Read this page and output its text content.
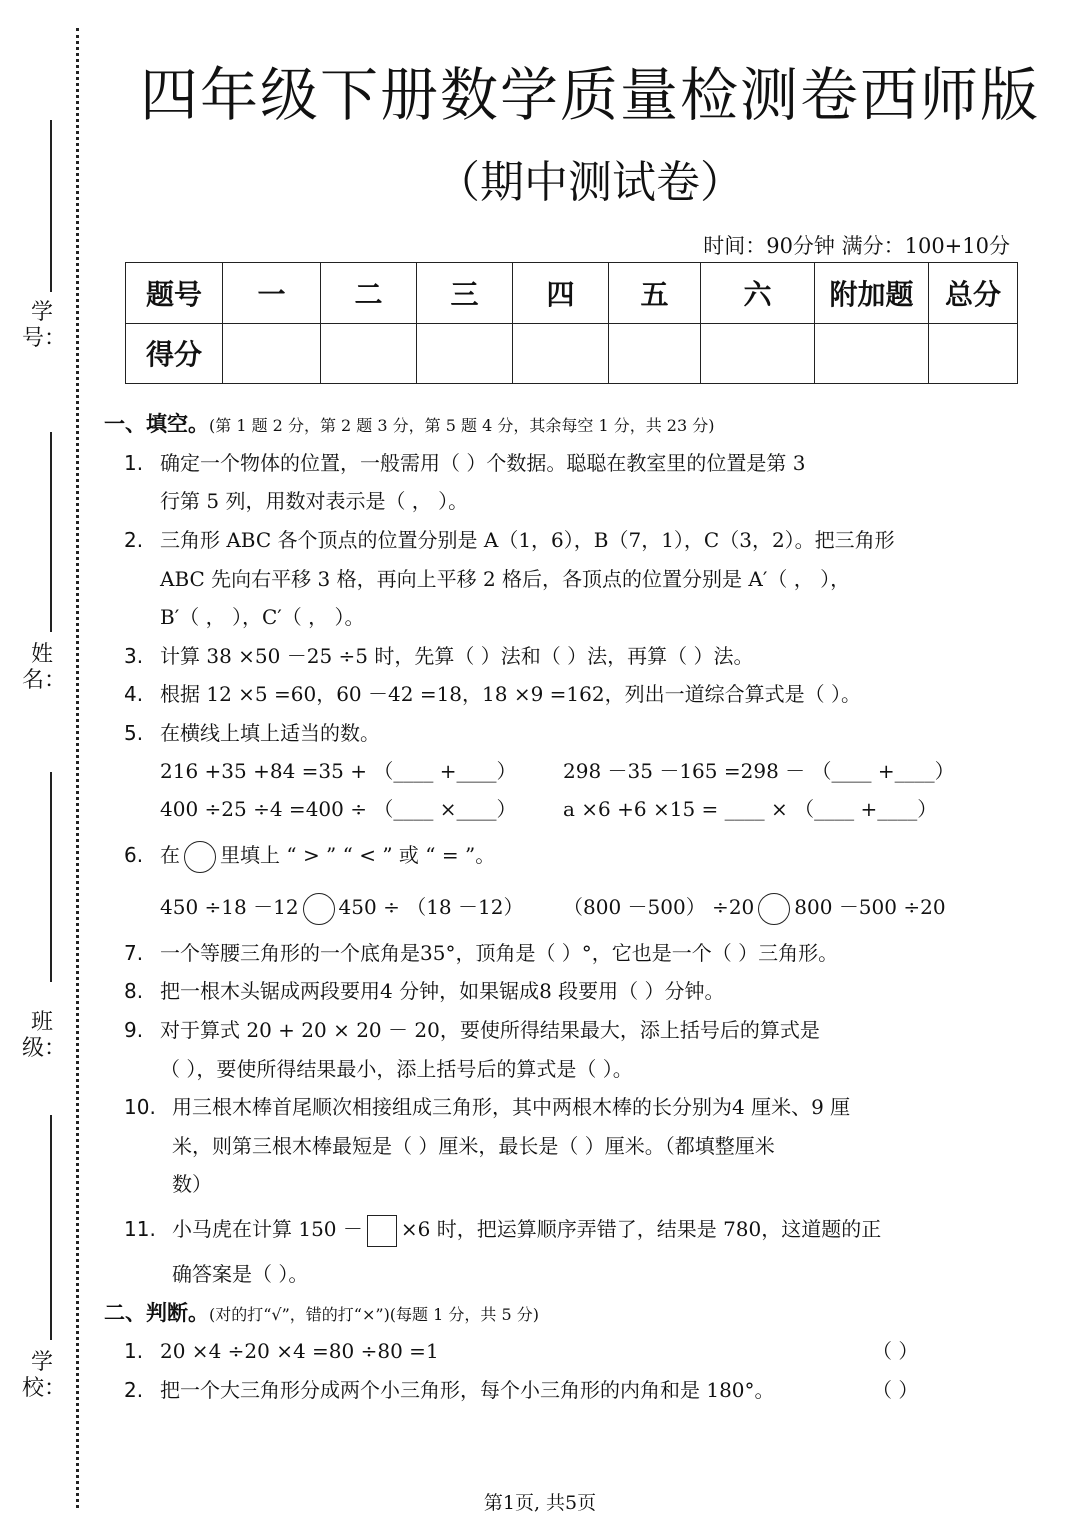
学号：
姓名：
班级：
学校：
四年级下册数学质量检测卷西师版
（期中测试卷）
时间：90分钟 满分：100+10分
题号	一	二	三	四	五	六	附加题	总分
得分								
一、填空。(第 1 题 2 分，第 2 题 3 分，第 5 题 4 分，其余每空 1 分，共 23 分)
1. 确定一个物体的位置，一般需用（ ）个数据。聪聪在教室里的位置是第 3
行第 5 列，用数对表示是（ ， ）。
2. 三角形 ABC 各个顶点的位置分别是 A（1，6），B（7，1），C（3，2）。把三角形
ABC 先向右平移 3 格，再向上平移 2 格后，各顶点的位置分别是 A′（ ， ），
B′（ ， ），C′（ ， ）。
3. 计算 38 ×50 －25 ÷5 时，先算（ ）法和（ ）法，再算（ ）法。
4. 根据 12 ×5 =60，60 －42 =18，18 ×9 =162，列出一道综合算式是（ ）。
5. 在横线上填上适当的数。
216 +35 +84 =35 + （____ +____） 298 －35 －165 =298 － （____ +____）
400 ÷25 ÷4 =400 ÷ （____ ×____） a ×6 +6 ×15 = ____ × （____ +____）
6. 在 里填上 “ > ” “ < ” 或 “ = ”。
450 ÷18 －12 450 ÷ （18 －12） （800 －500） ÷20 800 －500 ÷20
7. 一个等腰三角形的一个底角是35°，顶角是（ ）°，它也是一个（ ）三角形。
8. 把一根木头锯成两段要用4 分钟，如果锯成8 段要用（ ）分钟。
9. 对于算式 20 + 20 × 20 － 20，要使所得结果最大，添上括号后的算式是
（ ），要使所得结果最小，添上括号后的算式是（ ）。
10. 用三根木棒首尾顺次相接组成三角形，其中两根木棒的长分别为4 厘米、9 厘
米，则第三根木棒最短是（ ）厘米，最长是（ ）厘米。（都填整厘米
数）
11. 小马虎在计算 150 － ×6 时，把运算顺序弄错了，结果是 780，这道题的正
确答案是（ ）。
二、判断。(对的打“√”，错的打“×”)(每题 1 分，共 5 分)
1. 20 ×4 ÷20 ×4 =80 ÷80 =1	（ ）
2. 把一个大三角形分成两个小三角形，每个小三角形的内角和是 180°。	（ ）
第1页, 共5页
